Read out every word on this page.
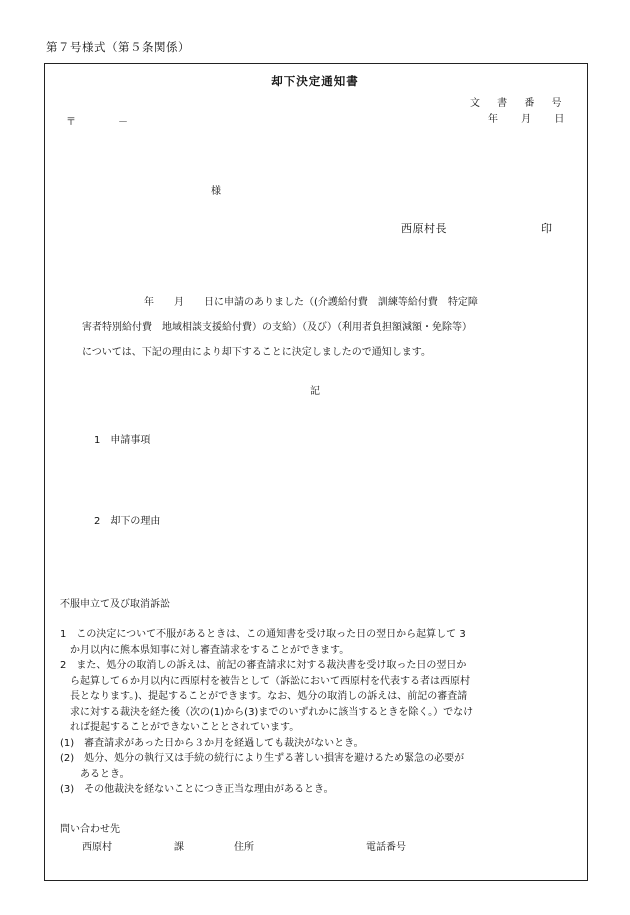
第７号様式（第５条関係）
却下決定通知書
文 書 番 号
年 月 日
〒	－
様
西原村長	印
年　　月　　日に申請のありました（(介護給付費　訓練等給付費　特定障
害者特別給付費　地域相談支援給付費）の支給）（及び）（利用者負担額減額・免除等）
については、下記の理由により却下することに決定しましたので通知します。
記
1　申請事項
2　却下の理由
不服申立て及び取消訴訟

1　この決定について不服があるときは、この通知書を受け取った日の翌日から起算して 3

　か月以内に熊本県知事に対し審査請求をすることができます。

2　また、処分の取消しの訴えは、前記の審査請求に対する裁決書を受け取った日の翌日か

　ら起算して６か月以内に西原村を被告として（訴訟において西原村を代表する者は西原村

　長となります。)、提起することができます。なお、処分の取消しの訴えは、前記の審査請

　求に対する裁決を経た後（次の(1)から(3)までのいずれかに該当するときを除く。）でなけ

　れば提起することができないこととされています。

(1)　審査請求があった日から３か月を経過しても裁決がないとき。

(2)　処分、処分の執行又は手続の続行により生ずる著しい損害を避けるため緊急の必要が

　　あるとき。

(3)　その他裁決を経ないことにつき正当な理由があるとき。

問い合わせ先
西原村	課	住所	電話番号
